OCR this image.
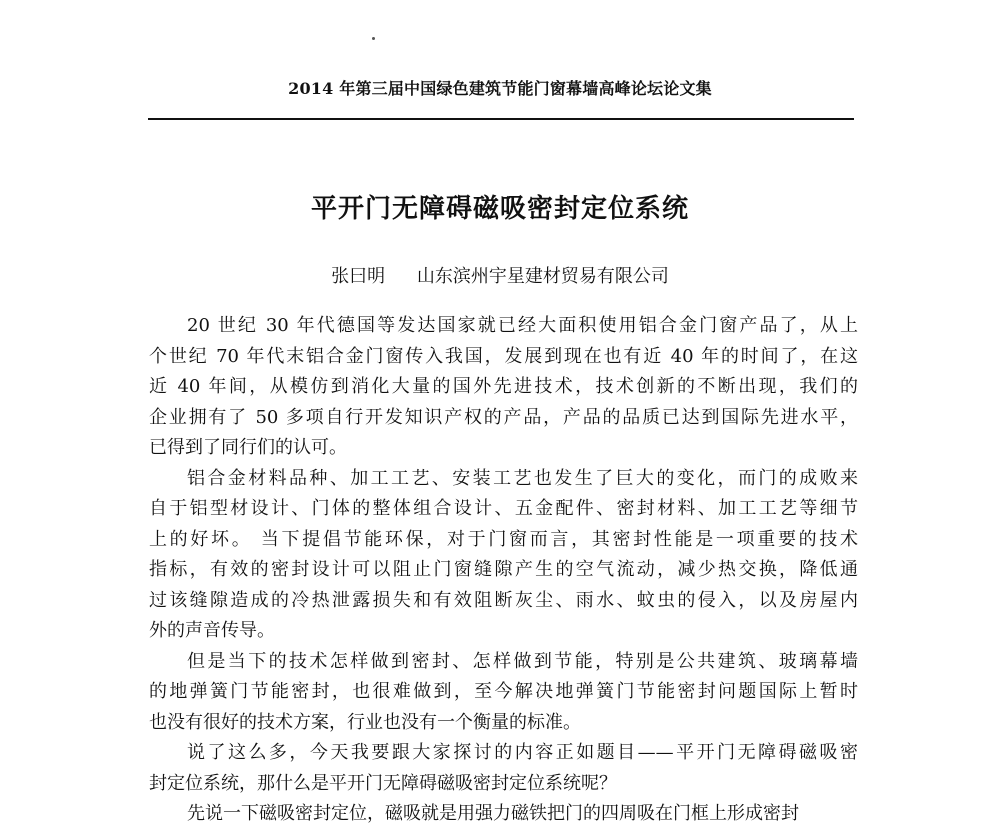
2014 年第三届中国绿色建筑节能门窗幕墙高峰论坛论文集
平开门无障碍磁吸密封定位系统
张曰明 山东滨州宇星建材贸易有限公司
20 世纪 30 年代德国等发达国家就已经大面积使用铝合金门窗产品了，从上
个世纪 70 年代末铝合金门窗传入我国，发展到现在也有近 40 年的时间了，在这
近 40 年间，从模仿到消化大量的国外先进技术，技术创新的不断出现，我们的
企业拥有了 50 多项自行开发知识产权的产品，产品的品质已达到国际先进水平，
已得到了同行们的认可。
铝合金材料品种、加工工艺、安装工艺也发生了巨大的变化，而门的成败来
自于铝型材设计、门体的整体组合设计、五金配件、密封材料、加工工艺等细节
上的好坏。 当下提倡节能环保，对于门窗而言，其密封性能是一项重要的技术
指标，有效的密封设计可以阻止门窗缝隙产生的空气流动，减少热交换，降低通
过该缝隙造成的冷热泄露损失和有效阻断灰尘、雨水、蚊虫的侵入，以及房屋内
外的声音传导。
但是当下的技术怎样做到密封、怎样做到节能，特别是公共建筑、玻璃幕墙
的地弹簧门节能密封，也很难做到，至今解决地弹簧门节能密封问题国际上暂时
也没有很好的技术方案，行业也没有一个衡量的标准。
说了这么多，今天我要跟大家探讨的内容正如题目——平开门无障碍磁吸密
封定位系统，那什么是平开门无障碍磁吸密封定位系统呢？
先说一下磁吸密封定位，磁吸就是用强力磁铁把门的四周吸在门框上形成密封
